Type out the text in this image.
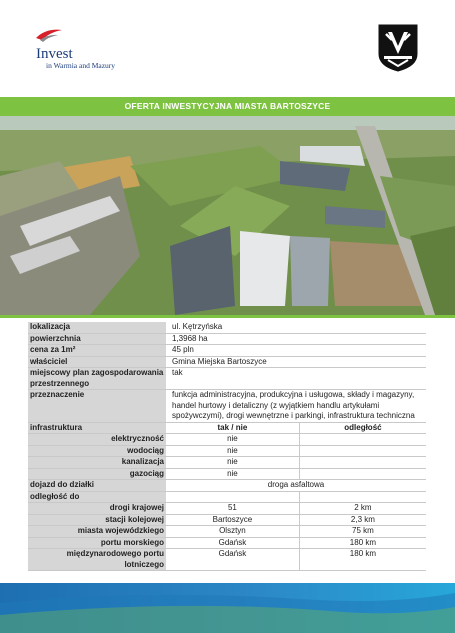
Invest
in Warmia and Mazury
OFERTA INWESTYCYJNA MIASTA BARTOSZYCE
lokalizacja	ul. Kętrzyńska	
powierzchnia	1,3968 ha	
cena za 1m²	45 pln	
właściciel	Gmina Miejska Bartoszyce	
miejscowy plan zagospodarowania przestrzennego	tak	
przeznaczenie	funkcja administracyjna, produkcyjna i usługowa, składy i magazyny, handel hurtowy i detaliczny (z wyjątkiem handlu artykułami spożywczymi), drogi wewnętrzne i parkingi, infrastruktura techniczna	
infrastruktura	tak / nie	odległość
elektryczność	nie	
wodociąg	nie	
kanalizacja	nie	
gazociąg	nie	
dojazd do działki	droga asfaltowa	
odległość do		
drogi krajowej	51	2 km
stacji kolejowej	Bartoszyce	2,3 km
miasta wojewódzkiego	Olsztyn	75 km
portu morskiego	Gdańsk	180 km
międzynarodowego portu lotniczego	Gdańsk	180 km
www.InvestInWarmiaAndMazury.pl	www.bartoszyce.pl
